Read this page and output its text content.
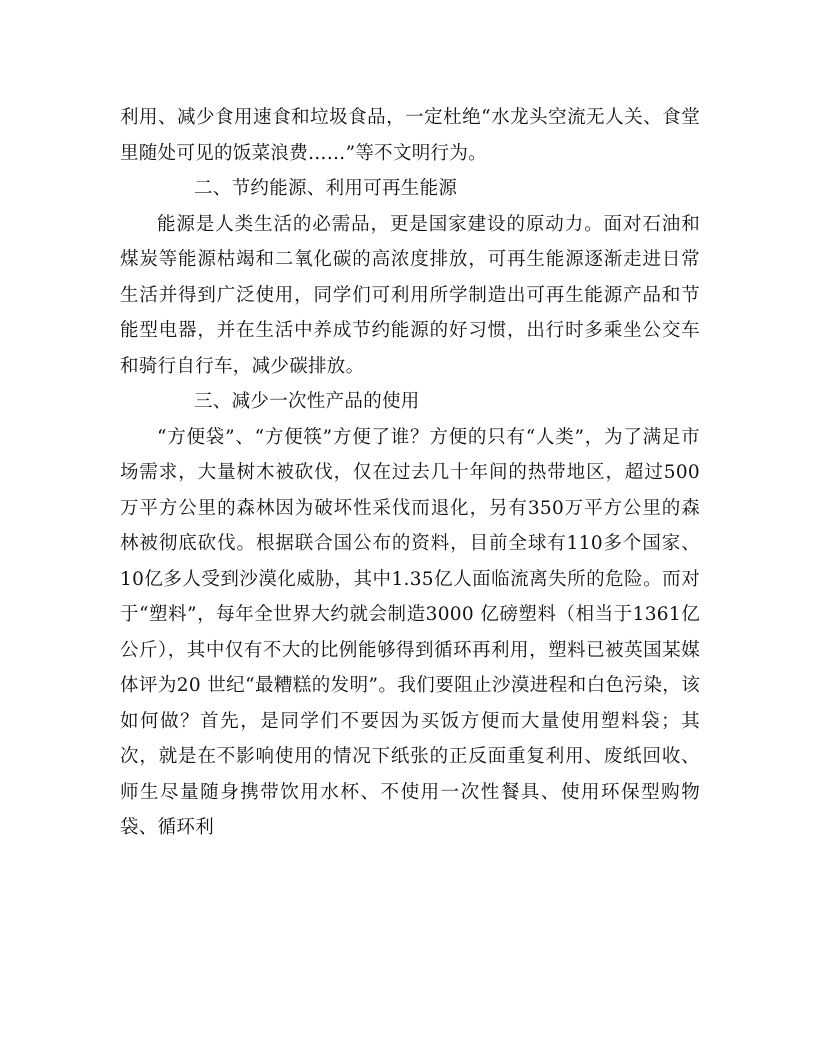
利用、减少食用速食和垃圾食品，一定杜绝“水龙头空流无人关、食堂里随处可见的饭菜浪费……”等不文明行为。

二、节约能源、利用可再生能源

能源是人类生活的必需品，更是国家建设的原动力。面对石油和煤炭等能源枯竭和二氧化碳的高浓度排放，可再生能源逐渐走进日常生活并得到广泛使用，同学们可利用所学制造出可再生能源产品和节能型电器，并在生活中养成节约能源的好习惯，出行时多乘坐公交车和骑行自行车，减少碳排放。

三、减少一次性产品的使用

“方便袋”、“方便筷”方便了谁？方便的只有“人类”，为了满足市场需求，大量树木被砍伐，仅在过去几十年间的热带地区，超过500万平方公里的森林因为破坏性采伐而退化，另有350万平方公里的森林被彻底砍伐。根据联合国公布的资料，目前全球有110多个国家、10亿多人受到沙漠化威胁，其中1.35亿人面临流离失所的危险。而对于“塑料”，每年全世界大约就会制造3000 亿磅塑料（相当于1361亿公斤），其中仅有不大的比例能够得到循环再利用，塑料已被英国某媒体评为20 世纪“最糟糕的发明”。我们要阻止沙漠进程和白色污染，该如何做？首先，是同学们不要因为买饭方便而大量使用塑料袋；其次，就是在不影响使用的情况下纸张的正反面重复利用、废纸回收、师生尽量随身携带饮用水杯、不使用一次性餐具、使用环保型购物袋、循环利
